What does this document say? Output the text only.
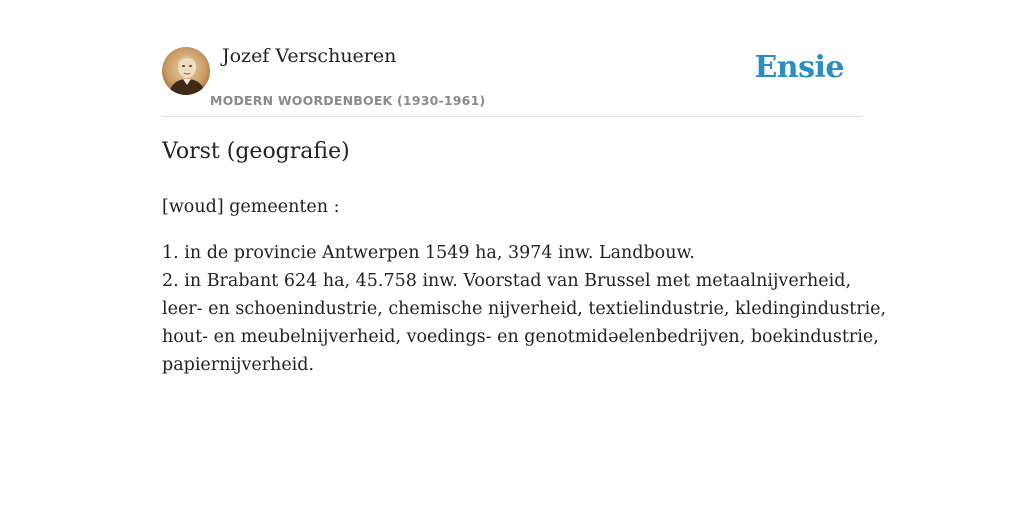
Jozef Verschueren
MODERN WOORDENBOEK (1930-1961)
Ensie
Vorst (geografie)

[woud] gemeenten :

1. in de provincie Antwerpen 1549 ha, 3974 inw. Landbouw.
2. in Brabant 624 ha, 45.758 inw. Voorstad van Brussel met metaalnijverheid,
leer- en schoenindustrie, chemische nijverheid, textielindustrie, kledingindustrie,
hout- en meubelnijverheid, voedings- en genotmidəelenbedrijven, boekindustrie,
papiernijverheid.
